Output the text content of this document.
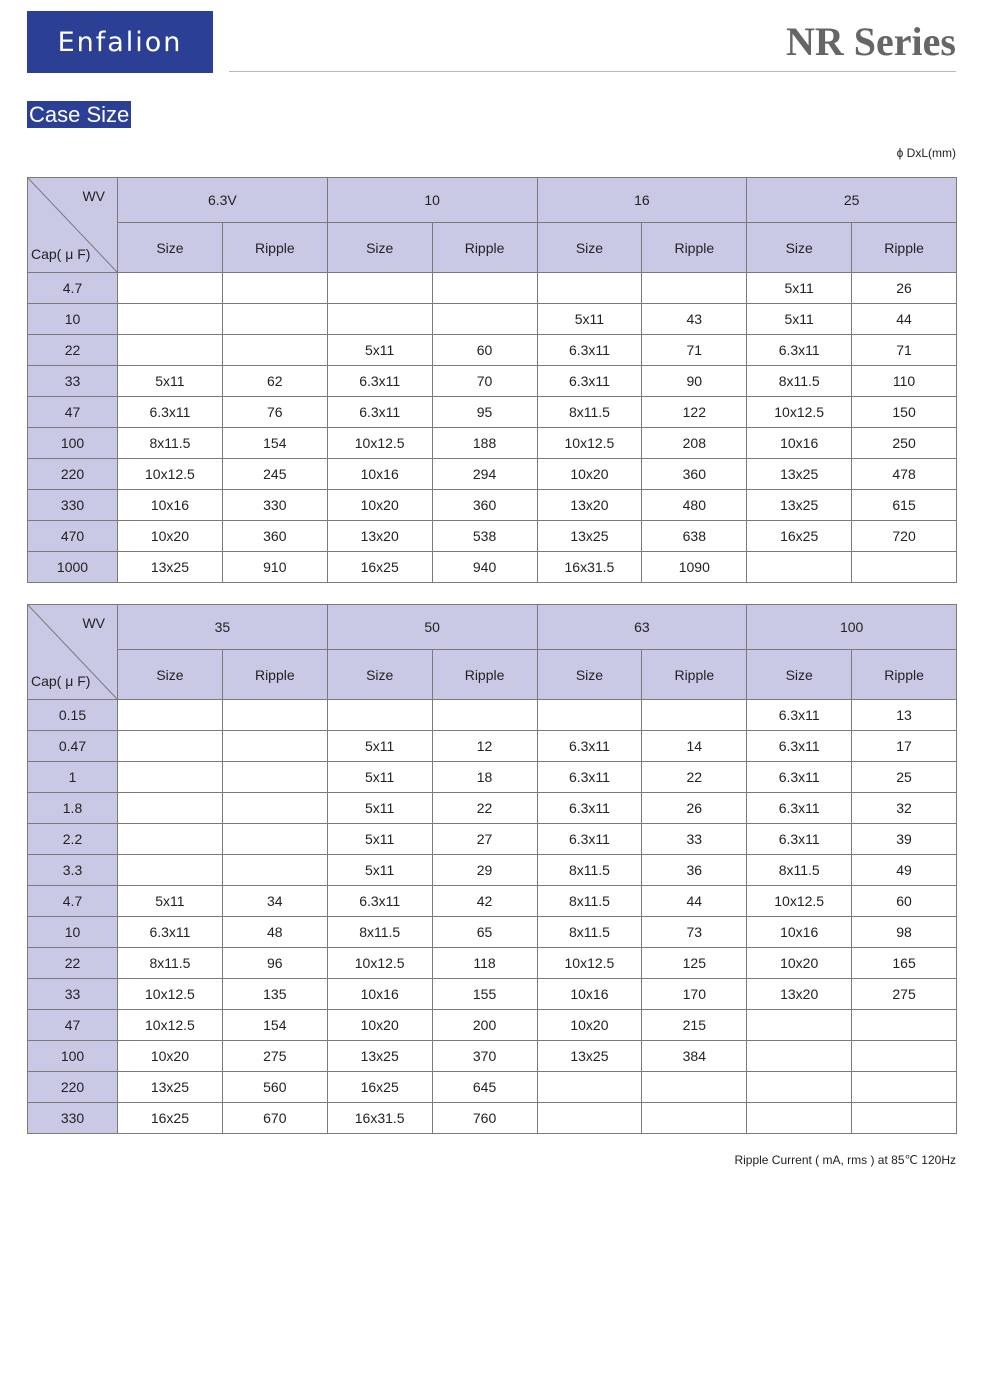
Enfalion	NR Series
Case Size
ϕ DxL(mm)
WV
Cap( μ F)	6.3V		10		16		25	
	Size	Ripple	Size	Ripple	Size	Ripple	Size	Ripple
4.7							5x11	26
10					5x11	43	5x11	44
22			5x11	60	6.3x11	71	6.3x11	71
33	5x11	62	6.3x11	70	6.3x11	90	8x11.5	110
47	6.3x11	76	6.3x11	95	8x11.5	122	10x12.5	150
100	8x11.5	154	10x12.5	188	10x12.5	208	10x16	250
220	10x12.5	245	10x16	294	10x20	360	13x25	478
330	10x16	330	10x20	360	13x20	480	13x25	615
470	10x20	360	13x20	538	13x25	638	16x25	720
1000	13x25	910	16x25	940	16x31.5	1090		
WV
Cap( μ F)	35		50		63		100	
	Size	Ripple	Size	Ripple	Size	Ripple	Size	Ripple
0.15							6.3x11	13
0.47			5x11	12	6.3x11	14	6.3x11	17
1			5x11	18	6.3x11	22	6.3x11	25
1.8			5x11	22	6.3x11	26	6.3x11	32
2.2			5x11	27	6.3x11	33	6.3x11	39
3.3			5x11	29	8x11.5	36	8x11.5	49
4.7	5x11	34	6.3x11	42	8x11.5	44	10x12.5	60
10	6.3x11	48	8x11.5	65	8x11.5	73	10x16	98
22	8x11.5	96	10x12.5	118	10x12.5	125	10x20	165
33	10x12.5	135	10x16	155	10x16	170	13x20	275
47	10x12.5	154	10x20	200	10x20	215		
100	10x20	275	13x25	370	13x25	384		
220	13x25	560	16x25	645				
330	16x25	670	16x31.5	760				
Ripple Current ( mA, rms ) at 85℃ 120Hz
